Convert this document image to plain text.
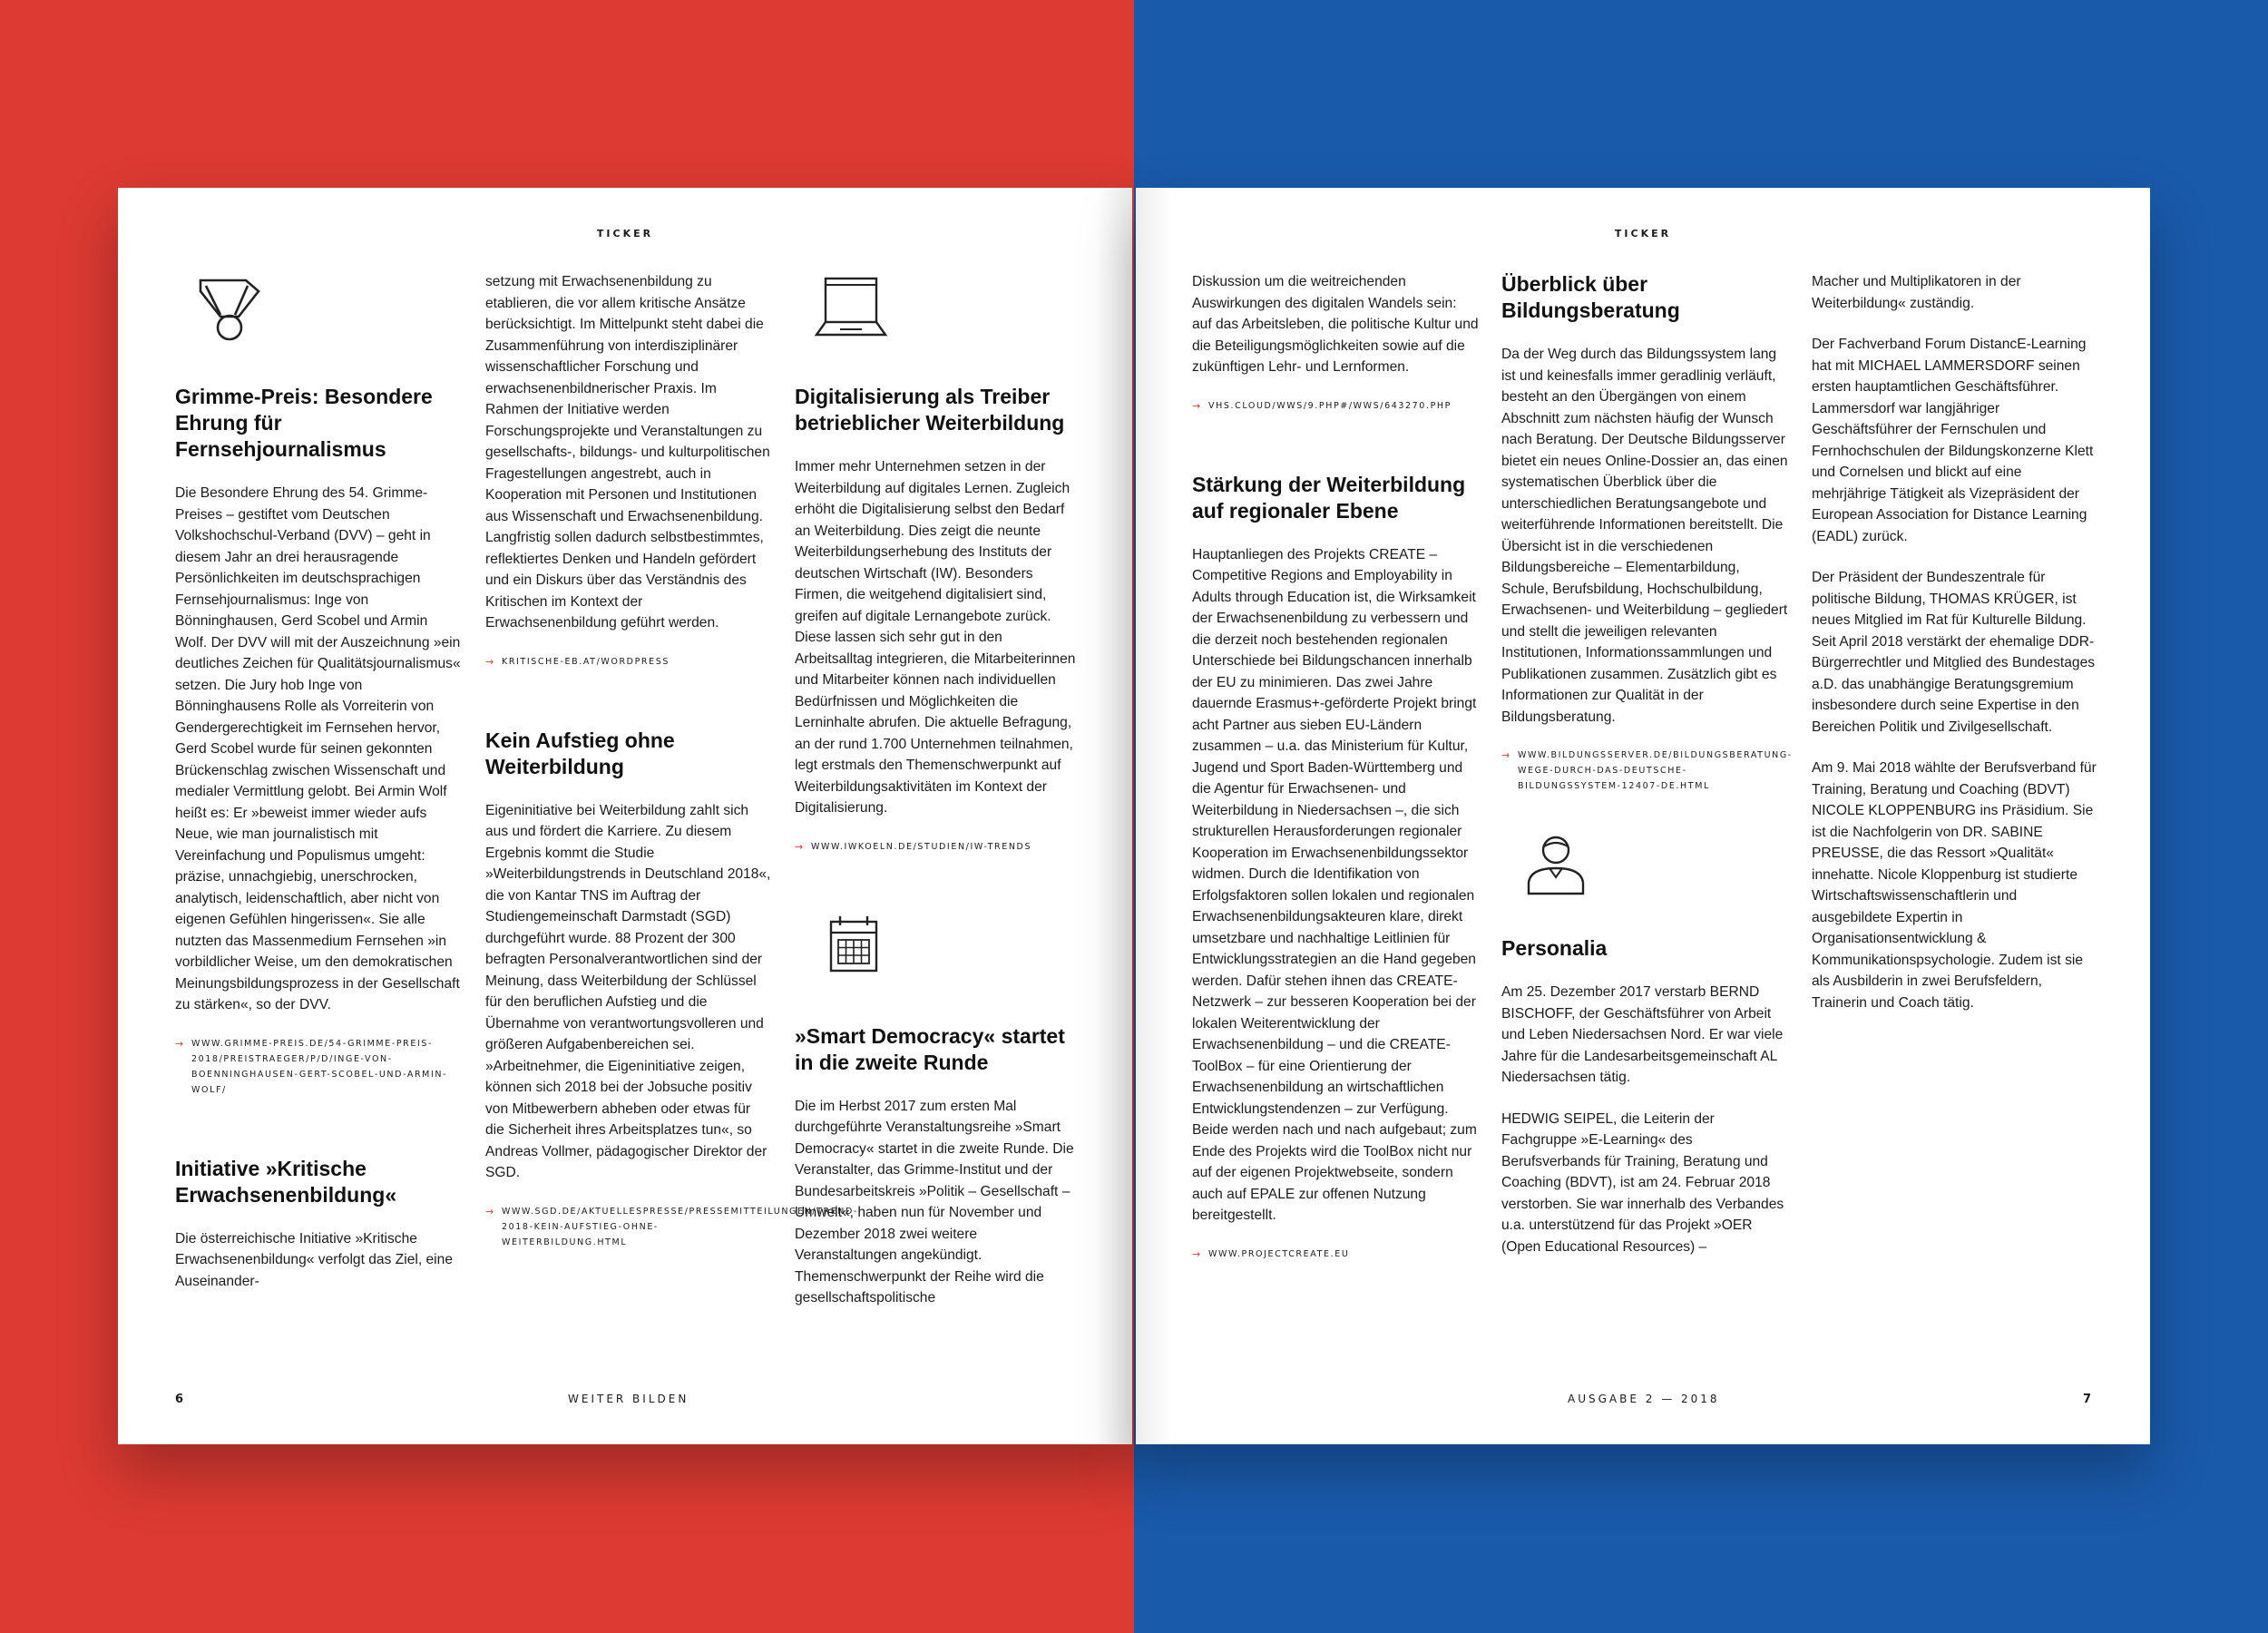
TICKER
Grimme-Preis: Besondere Ehrung für Fernsehjournalismus

Die Besondere Ehrung des 54. Grimme-Preises – gestiftet vom Deutschen Volkshochschul-Verband (DVV) – geht in diesem Jahr an drei herausragende Persönlichkeiten im deutschsprachigen Fernsehjournalismus: Inge von Bönninghausen, Gerd Scobel und Armin Wolf. Der DVV will mit der Auszeichnung »ein deutliches Zeichen für Qualitätsjournalismus« setzen. Die Jury hob Inge von Bönninghausens Rolle als Vorreiterin von Gendergerechtigkeit im Fernsehen hervor, Gerd Scobel wurde für seinen gekonnten Brückenschlag zwischen Wissenschaft und medialer Vermittlung gelobt. Bei Armin Wolf heißt es: Er »beweist immer wieder aufs Neue, wie man journalistisch mit Vereinfachung und Populismus umgeht: präzise, unnachgiebig, unerschrocken, analytisch, leidenschaftlich, aber nicht von eigenen Gefühlen hingerissen«. Sie alle nutzten das Massenmedium Fernsehen »in vorbildlicher Weise, um den demokratischen Meinungsbildungsprozess in der Gesellschaft zu stärken«, so der DVV.

→ WWW.GRIMME-PREIS.DE/54-GRIMME-PREIS-2018/PREISTRAEGER/P/D/INGE-VON-BOENNINGHAUSEN-GERT-SCOBEL-UND-ARMIN-WOLF/
Initiative »Kritische Erwachsenenbildung«

Die österreichische Initiative »Kritische Erwachsenenbildung« verfolgt das Ziel, eine Auseinander-

setzung mit Erwachsenenbildung zu etablieren, die vor allem kritische Ansätze berücksichtigt. Im Mittelpunkt steht dabei die Zusammenführung von interdisziplinärer wissenschaftlicher Forschung und erwachsenenbildnerischer Praxis. Im Rahmen der Initiative werden Forschungsprojekte und Veranstaltungen zu gesellschafts-, bildungs- und kulturpolitischen Fragestellungen angestrebt, auch in Kooperation mit Personen und Institutionen aus Wissenschaft und Erwachsenenbildung. Langfristig sollen dadurch selbstbestimmtes, reflektiertes Denken und Handeln gefördert und ein Diskurs über das Verständnis des Kritischen im Kontext der Erwachsenenbildung geführt werden.

→ KRITISCHE-EB.AT/WORDPRESS
Kein Aufstieg ohne Weiterbildung

Eigeninitiative bei Weiterbildung zahlt sich aus und fördert die Karriere. Zu diesem Ergebnis kommt die Studie »Weiterbildungstrends in Deutschland 2018«, die von Kantar TNS im Auftrag der Studiengemeinschaft Darmstadt (SGD) durchgeführt wurde. 88 Prozent der 300 befragten Personalverantwortlichen sind der Meinung, dass Weiterbildung der Schlüssel für den beruflichen Aufstieg und die Übernahme von verantwortungsvolleren und größeren Aufgabenbereichen sei. »Arbeitnehmer, die Eigeninitiative zeigen, können sich 2018 bei der Jobsuche positiv von Mitbewerbern abheben oder etwas für die Sicherheit ihres Arbeitsplatzes tun«, so Andreas Vollmer, pädagogischer Direktor der SGD.

→ WWW.SGD.DE/AKTUELLESPRESSE/PRESSEMITTEILUNGEN/TREND-2018-KEIN-AUFSTIEG-OHNE-WEITERBILDUNG.HTML
Digitalisierung als Treiber betrieblicher Weiterbildung

Immer mehr Unternehmen setzen in der Weiterbildung auf digitales Lernen. Zugleich erhöht die Digitalisierung selbst den Bedarf an Weiterbildung. Dies zeigt die neunte Weiterbildungserhebung des Instituts der deutschen Wirtschaft (IW). Besonders Firmen, die weitgehend digitalisiert sind, greifen auf digitale Lernangebote zurück. Diese lassen sich sehr gut in den Arbeitsalltag integrieren, die Mitarbeiterinnen und Mitarbeiter können nach individuellen Bedürfnissen und Möglichkeiten die Lerninhalte abrufen. Die aktuelle Befragung, an der rund 1.700 Unternehmen teilnahmen, legt erstmals den Themenschwerpunkt auf Weiterbildungsaktivitäten im Kontext der Digitalisierung.

→ WWW.IWKOELN.DE/STUDIEN/IW-TRENDS
»Smart Democracy« startet in die zweite Runde

Die im Herbst 2017 zum ersten Mal durchgeführte Veranstaltungsreihe »Smart Democracy« startet in die zweite Runde. Die Veranstalter, das Grimme-Institut und der Bundesarbeitskreis »Politik – Gesellschaft – Umwelt«, haben nun für November und Dezember 2018 zwei weitere Veranstaltungen angekündigt. Themenschwerpunkt der Reihe wird die gesellschaftspolitische

6	WEITER BILDEN
TICKER

Diskussion um die weitreichenden Auswirkungen des digitalen Wandels sein: auf das Arbeitsleben, die politische Kultur und die Beteiligungsmöglichkeiten sowie auf die zukünftigen Lehr- und Lernformen.

→ VHS.CLOUD/WWS/9.PHP#/WWS/643270.PHP
Stärkung der Weiterbildung auf regionaler Ebene

Hauptanliegen des Projekts CREATE – Competitive Regions and Employability in Adults through Education ist, die Wirksamkeit der Erwachsenenbildung zu verbessern und die derzeit noch bestehenden regionalen Unterschiede bei Bildungschancen innerhalb der EU zu minimieren. Das zwei Jahre dauernde Erasmus+-geförderte Projekt bringt acht Partner aus sieben EU-Ländern zusammen – u.a. das Ministerium für Kultur, Jugend und Sport Baden-Württemberg und die Agentur für Erwachsenen- und Weiterbildung in Niedersachsen –, die sich strukturellen Herausforderungen regionaler Kooperation im Erwachsenenbildungssektor widmen. Durch die Identifikation von Erfolgsfaktoren sollen lokalen und regionalen Erwachsenenbildungsakteuren klare, direkt umsetzbare und nachhaltige Leitlinien für Entwicklungsstrategien an die Hand gegeben werden. Dafür stehen ihnen das CREATE-Netzwerk – zur besseren Kooperation bei der lokalen Weiterentwicklung der Erwachsenenbildung – und die CREATE-ToolBox – für eine Orientierung der Erwachsenenbildung an wirtschaftlichen Entwicklungstendenzen – zur Verfügung. Beide werden nach und nach aufgebaut; zum Ende des Projekts wird die ToolBox nicht nur auf der eigenen Projektwebseite, sondern auch auf EPALE zur offenen Nutzung bereitgestellt.

→ WWW.PROJECTCREATE.EU
Überblick über Bildungsberatung

Da der Weg durch das Bildungssystem lang ist und keinesfalls immer geradlinig verläuft, besteht an den Übergängen von einem Abschnitt zum nächsten häufig der Wunsch nach Beratung. Der Deutsche Bildungsserver bietet ein neues Online-Dossier an, das einen systematischen Überblick über die unterschiedlichen Beratungsangebote und weiterführende Informationen bereitstellt. Die Übersicht ist in die verschiedenen Bildungsbereiche – Elementarbildung, Schule, Berufsbildung, Hochschulbildung, Erwachsenen- und Weiterbildung – gegliedert und stellt die jeweiligen relevanten Institutionen, Informationssammlungen und Publikationen zusammen. Zusätzlich gibt es Informationen zur Qualität in der Bildungsberatung.

→ WWW.BILDUNGSSERVER.DE/BILDUNGSBERATUNG-WEGE-DURCH-DAS-DEUTSCHE-BILDUNGSSYSTEM-12407-DE.HTML
Personalia

Am 25. Dezember 2017 verstarb BERND BISCHOFF, der Geschäftsführer von Arbeit und Leben Niedersachsen Nord. Er war viele Jahre für die Landesarbeitsgemeinschaft AL Niedersachsen tätig.

HEDWIG SEIPEL, die Leiterin der Fachgruppe »E-Learning« des Berufsverbands für Training, Beratung und Coaching (BDVT), ist am 24. Februar 2018 verstorben. Sie war innerhalb des Verbandes u.a. unterstützend für das Projekt »OER (Open Educational Resources) –

Macher und Multiplikatoren in der Weiterbildung« zuständig.

Der Fachverband Forum DistancE-Learning hat mit MICHAEL LAMMERSDORF seinen ersten hauptamtlichen Geschäftsführer. Lammersdorf war langjähriger Geschäftsführer der Fernschulen und Fernhochschulen der Bildungskonzerne Klett und Cornelsen und blickt auf eine mehrjährige Tätigkeit als Vizepräsident der European Association for Distance Learning (EADL) zurück.

Der Präsident der Bundeszentrale für politische Bildung, THOMAS KRÜGER, ist neues Mitglied im Rat für Kulturelle Bildung. Seit April 2018 verstärkt der ehemalige DDR-Bürgerrechtler und Mitglied des Bundestages a.D. das unabhängige Beratungsgremium insbesondere durch seine Expertise in den Bereichen Politik und Zivilgesellschaft.

Am 9. Mai 2018 wählte der Berufsverband für Training, Beratung und Coaching (BDVT) NICOLE KLOPPENBURG ins Präsidium. Sie ist die Nachfolgerin von DR. SABINE PREUSSE, die das Ressort »Qualität« innehatte. Nicole Kloppenburg ist studierte Wirtschaftswissenschaftlerin und ausgebildete Expertin in Organisationsentwicklung & Kommunikationspsychologie. Zudem ist sie als Ausbilderin in zwei Berufsfeldern, Trainerin und Coach tätig.

AUSGABE 2 — 2018	7
